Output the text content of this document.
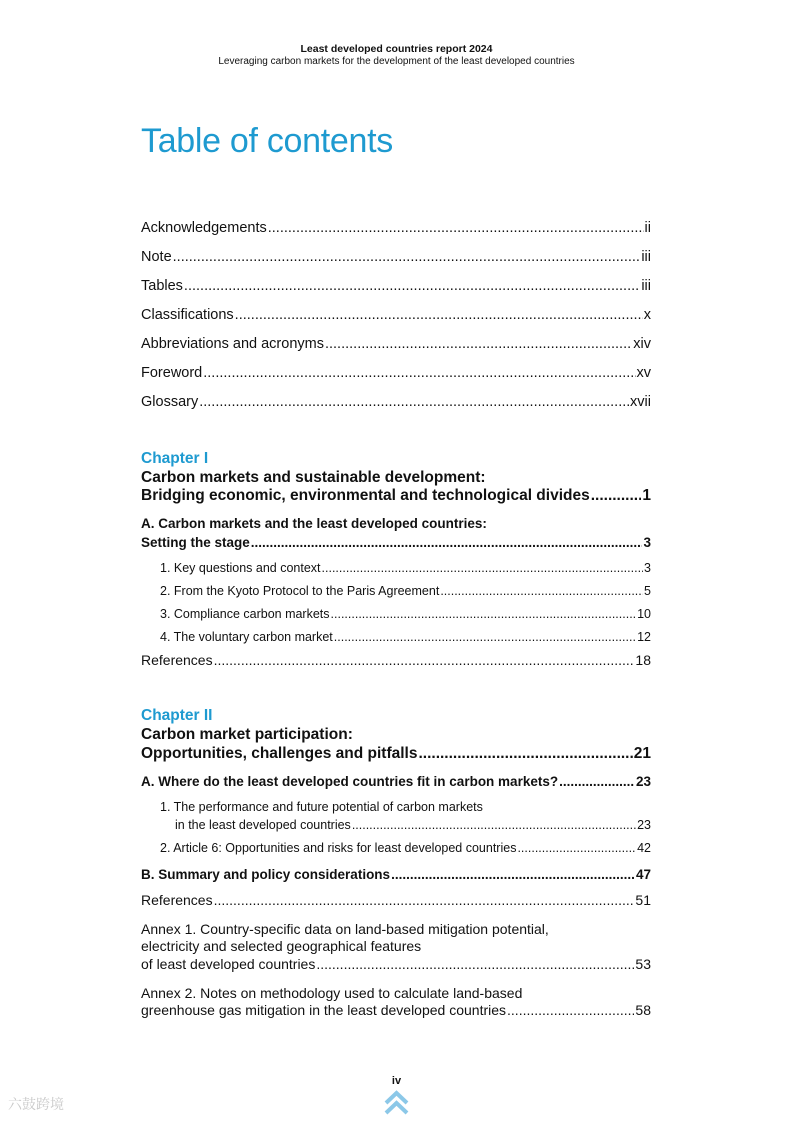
Least developed countries report 2024
Leveraging carbon markets for the development of the least developed countries
Table of contents
Acknowledgements .....	ii
Note .....	iii
Tables .....	iii
Classifications .....	x
Abbreviations and acronyms .....	xiv
Foreword .....	xv
Glossary .....	xvii
Chapter I
Carbon markets and sustainable development:
Bridging economic, environmental and technological divides .....	1
A. Carbon markets and the least developed countries:
Setting the stage .....	3
1. Key questions and context .....	3
2. From the Kyoto Protocol to the Paris Agreement .....	5
3. Compliance carbon markets .....	10
4. The voluntary carbon market .....	12
References .....	18
Chapter II
Carbon market participation:
Opportunities, challenges and pitfalls .....	21
A. Where do the least developed countries fit in carbon markets? .....	23
1. The performance and future potential of carbon markets
in the least developed countries .....	23
2. Article 6: Opportunities and risks for least developed countries .....	42
B. Summary and policy considerations .....	47
References .....	51
Annex 1. Country-specific data on land-based mitigation potential,
electricity and selected geographical features
of least developed countries .....	53
Annex 2. Notes on methodology used to calculate land-based
greenhouse gas mitigation in the least developed countries .....	58
iv
六鼓跨境
